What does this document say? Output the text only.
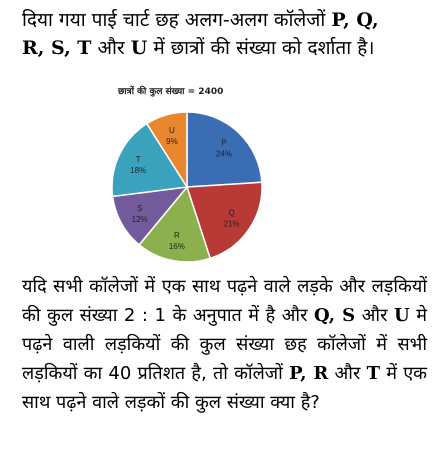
दिया गया पाई चार्ट छह अलग-अलग कॉलेजों P, Q,
R, S, T और U में छात्रों की संख्या को दर्शाता है।

छात्रों की कुल संख्या = 2400
P
24%
Q
21%
R
16%
S
12%
T
18%
U
9%

यदि सभी कॉलेजों में एक साथ पढ़ने वाले लड़के और लड़कियों की कुल संख्या 2 : 1 के अनुपात में है और Q, S और U मे पढ़ने वाली लड़कियों की कुल संख्या छह कॉलेजों में सभी लड़कियों का 40 प्रतिशत है, तो कॉलेजों P, R और T में एक साथ पढ़ने वाले लड़कों की कुल संख्या क्या है?
